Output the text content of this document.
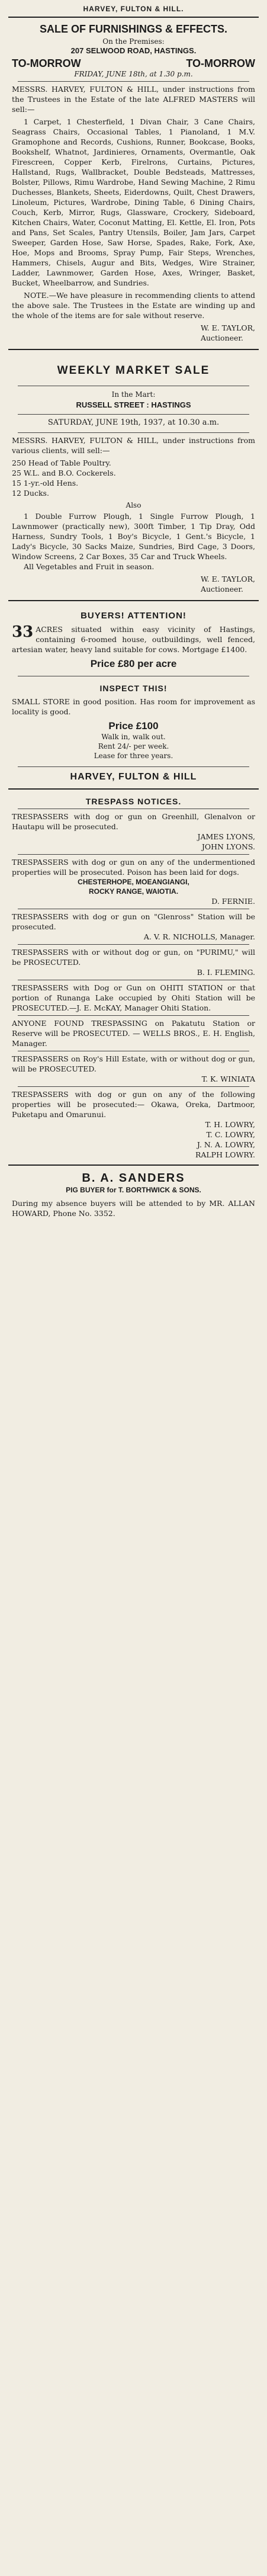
HARVEY, FULTON & HILL.
SALE OF FURNISHINGS & EFFECTS.
On the Premises:
207 SELWOOD ROAD, HASTINGS.
TO-MORROW	TO-MORROW
FRIDAY, JUNE 18th, at 1.30 p.m.
MESSRS. HARVEY, FULTON & HILL, under instructions from the Trustees in the Estate of the late ALFRED MASTERS will sell:—
1 Carpet, 1 Chesterfield, 1 Divan Chair, 3 Cane Chairs, Seagrass Chairs, Occasional Tables, 1 Pianoland, 1 M.V. Gramophone and Records, Cushions, Runner, Bookcase, Books, Bookshelf, Whatnot, Jardinieres, Ornaments, Overmantle, Oak Firescreen, Copper Kerb, Firelrons, Curtains, Pictures, Hallstand, Rugs, Wallbracket, Double Bedsteads, Mattresses, Bolster, Pillows, Rimu Wardrobe, Hand Sewing Machine, 2 Rimu Duchesses, Blankets, Sheets, Eiderdowns, Quilt, Chest Drawers, Linoleum, Pictures, Wardrobe, Dining Table, 6 Dining Chairs, Couch, Kerb, Mirror, Rugs, Glassware, Crockery, Sideboard, Kitchen Chairs, Water, Coconut Matting, El. Kettle, El. Iron, Pots and Pans, Set Scales, Pantry Utensils, Boiler, Jam Jars, Carpet Sweeper, Garden Hose, Saw Horse, Spades, Rake, Fork, Axe, Hoe, Mops and Brooms, Spray Pump, Fair Steps, Wrenches, Hammers, Chisels, Augur and Bits, Wedges, Wire Strainer, Ladder, Lawnmower, Garden Hose, Axes, Wringer, Basket, Bucket, Wheelbarrow, and Sundries.
NOTE.—We have pleasure in recommending clients to attend the above sale. The Trustees in the Estate are winding up and the whole of the items are for sale without reserve.
W. E. TAYLOR,
Auctioneer.
WEEKLY MARKET SALE
In the Mart:
RUSSELL STREET : HASTINGS
SATURDAY, JUNE 19th, 1937, at 10.30 a.m.
MESSRS. HARVEY, FULTON & HILL, under instructions from various clients, will sell:—
250 Head of Table Poultry.
25 W.L. and B.O. Cockerels.
15 1-yr.-old Hens.
12 Ducks.
Also
1 Double Furrow Plough, 1 Single Furrow Plough, 1 Lawnmower (practically new), 300ft Timber, 1 Tip Dray, Odd Harness, Sundry Tools, 1 Boy's Bicycle, 1 Gent.'s Bicycle, 1 Lady's Bicycle, 30 Sacks Maize, Sundries, Bird Cage, 3 Doors, Window Screens, 2 Car Boxes, 35 Car and Truck Wheels.
All Vegetables and Fruit in season.
W. E. TAYLOR,
Auctioneer.
BUYERS! ATTENTION!
33 ACRES situated within easy vicinity of Hastings, containing 6-roomed house, outbuildings, well fenced, artesian water, heavy land suitable for cows. Mortgage £1400.
Price £80 per acre
INSPECT THIS!
SMALL STORE in good position. Has room for improvement as locality is good.
Price £100
Walk in, walk out.
Rent 24/- per week.
Lease for three years.
HARVEY, FULTON & HILL
TRESPASS NOTICES.
TRESPASSERS with dog or gun on Greenhill, Glenalvon or Hautapu will be prosecuted.
JAMES LYONS,
JOHN LYONS.
TRESPASSERS with dog or gun on any of the undermentioned properties will be prosecuted. Poison has been laid for dogs.
CHESTERHOPE, MOEANGIANGI,
ROCKY RANGE, WAIOTIA.
D. FERNIE.
TRESPASSERS with dog or gun on "Glenross" Station will be prosecuted.
A. V. R. NICHOLLS, Manager.
TRESPASSERS with or without dog or gun, on "PURIMU," will be PROSECUTED.
B. I. FLEMING.
TRESPASSERS with Dog or Gun on OHITI STATION or that portion of Runanga Lake occupied by Ohiti Station will be PROSECUTED.—J. E. McKAY, Manager Ohiti Station.
ANYONE FOUND TRESPASSING on Pakatutu Station or Reserve will be PROSECUTED. — WELLS BROS., E. H. English, Manager.
TRESPASSERS on Roy's Hill Estate, with or without dog or gun, will be PROSECUTED.
T. K. WINIATA
TRESPASSERS with dog or gun on any of the following properties will be prosecuted:— Okawa, Oreka, Dartmoor, Puketapu and Omarunui.
T. H. LOWRY,
T. C. LOWRY,
J. N. A. LOWRY,
RALPH LOWRY.
B. A. SANDERS
PIG BUYER for T. BORTHWICK & SONS.
During my absence buyers will be attended to by MR. ALLAN HOWARD, Phone No. 3352.
